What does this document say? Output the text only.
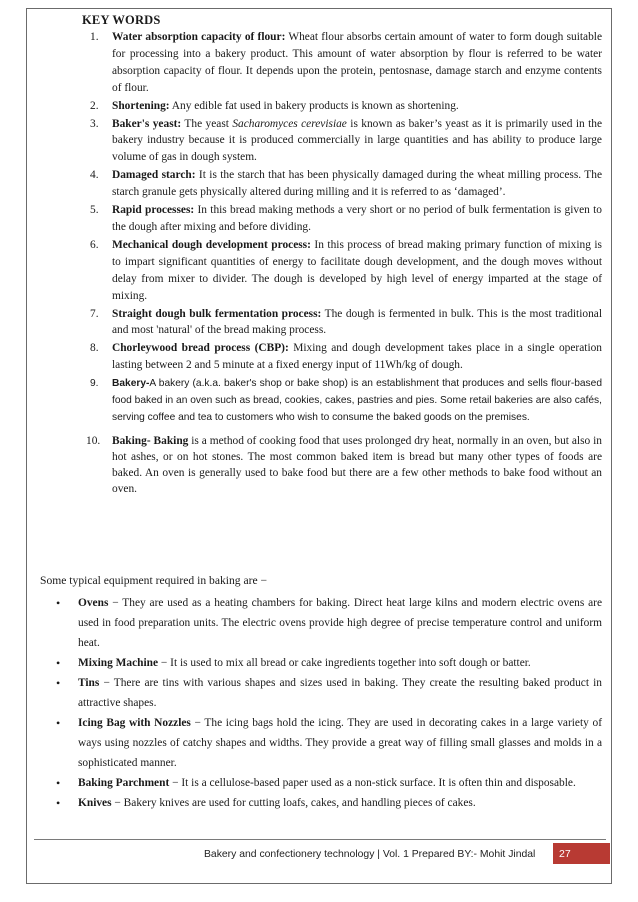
KEY WORDS
1. Water absorption capacity of flour: Wheat flour absorbs certain amount of water to form dough suitable for processing into a bakery product. This amount of water absorption by flour is referred to be water absorption capacity of flour. It depends upon the protein, pentosnase, damage starch and enzyme contents of flour.
2. Shortening: Any edible fat used in bakery products is known as shortening.
3. Baker's yeast: The yeast Sacharomyces cerevisiae is known as baker’s yeast as it is primarily used in the bakery industry because it is produced commercially in large quantities and has ability to produce large volume of gas in dough system.
4. Damaged starch: It is the starch that has been physically damaged during the wheat milling process. The starch granule gets physically altered during milling and it is referred to as ‘damaged’.
5. Rapid processes: In this bread making methods a very short or no period of bulk fermentation is given to the dough after mixing and before dividing.
6. Mechanical dough development process: In this process of bread making primary function of mixing is to impart significant quantities of energy to facilitate dough development, and the dough moves without delay from mixer to divider. The dough is developed by high level of energy imparted at the stage of mixing.
7. Straight dough bulk fermentation process: The dough is fermented in bulk. This is the most traditional and most 'natural' of the bread making process.
8. Chorleywood bread process (CBP): Mixing and dough development takes place in a single operation lasting between 2 and 5 minute at a fixed energy input of 11Wh/kg of dough.
9. Bakery-A bakery (a.k.a. baker's shop or bake shop) is an establishment that produces and sells flour-based food baked in an oven such as bread, cookies, cakes, pastries and pies. Some retail bakeries are also cafés, serving coffee and tea to customers who wish to consume the baked goods on the premises.
10. Baking- Baking is a method of cooking food that uses prolonged dry heat, normally in an oven, but also in hot ashes, or on hot stones. The most common baked item is bread but many other types of foods are baked. An oven is generally used to bake food but there are a few other methods to bake food without an oven.
Some typical equipment required in baking are −
• Ovens − They are used as a heating chambers for baking. Direct heat large kilns and modern electric ovens are used in food preparation units. The electric ovens provide high degree of precise temperature control and uniform heat.
• Mixing Machine − It is used to mix all bread or cake ingredients together into soft dough or batter.
• Tins − There are tins with various shapes and sizes used in baking. They create the resulting baked product in attractive shapes.
• Icing Bag with Nozzles − The icing bags hold the icing. They are used in decorating cakes in a large variety of ways using nozzles of catchy shapes and widths. They provide a great way of filling small glasses and molds in a sophisticated manner.
• Baking Parchment − It is a cellulose-based paper used as a non-stick surface. It is often thin and disposable.
• Knives − Bakery knives are used for cutting loafs, cakes, and handling pieces of cakes.
Bakery and confectionery technology | Vol. 1 Prepared BY:- Mohit Jindal 27
